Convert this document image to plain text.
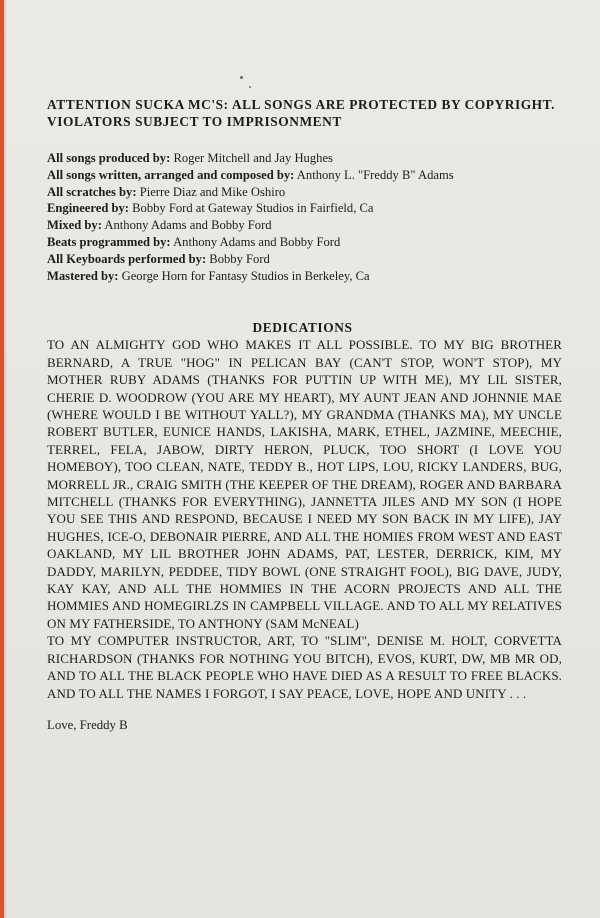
ATTENTION SUCKA MC'S: ALL SONGS ARE PROTECTED BY COPYRIGHT. VIOLATORS SUBJECT TO IMPRISONMENT

All songs produced by: Roger Mitchell and Jay Hughes
All songs written, arranged and composed by: Anthony L. "Freddy B" Adams
All scratches by: Pierre Diaz and Mike Oshiro
Engineered by: Bobby Ford at Gateway Studios in Fairfield, Ca
Mixed by: Anthony Adams and Bobby Ford
Beats programmed by: Anthony Adams and Bobby Ford
All Keyboards performed by: Bobby Ford
Mastered by: George Horn for Fantasy Studios in Berkeley, Ca
DEDICATIONS

TO AN ALMIGHTY GOD WHO MAKES IT ALL POSSIBLE. TO MY BIG BROTHER BERNARD, A TRUE "HOG" IN PELICAN BAY (CAN'T STOP, WON'T STOP), MY MOTHER RUBY ADAMS (THANKS FOR PUTTIN UP WITH ME), MY LIL SISTER, CHERIE D. WOODROW (YOU ARE MY HEART), MY AUNT JEAN AND JOHNNIE MAE (WHERE WOULD I BE WITHOUT YALL?), MY GRANDMA (THANKS MA), MY UNCLE ROBERT BUTLER, EUNICE HANDS, LAKISHA, MARK, ETHEL, JAZMINE, MEECHIE, TERREL, FELA, JABOW, DIRTY HERON, PLUCK, TOO SHORT (I LOVE YOU HOMEBOY), TOO CLEAN, NATE, TEDDY B., HOT LIPS, LOU, RICKY LANDERS, BUG, MORRELL JR., CRAIG SMITH (THE KEEPER OF THE DREAM), ROGER AND BARBARA MITCHELL (THANKS FOR EVERYTHING), JANNETTA JILES AND MY SON (I HOPE YOU SEE THIS AND RESPOND, BECAUSE I NEED MY SON BACK IN MY LIFE), JAY HUGHES, ICE-O, DEBONAIR PIERRE, AND ALL THE HOMIES FROM WEST AND EAST OAKLAND, MY LIL BROTHER JOHN ADAMS, PAT, LESTER, DERRICK, KIM, MY DADDY, MARILYN, PEDDEE, TIDY BOWL (ONE STRAIGHT FOOL), BIG DAVE, JUDY, KAY KAY, AND ALL THE HOMMIES IN THE ACORN PROJECTS AND ALL THE HOMMIES AND HOMEGIRLZS IN CAMPBELL VILLAGE. AND TO ALL MY RELATIVES ON MY FATHERSIDE, TO ANTHONY (SAM McNEAL)

TO MY COMPUTER INSTRUCTOR, ART, TO "SLIM", DENISE M. HOLT, CORVETTA RICHARDSON (THANKS FOR NOTHING YOU BITCH), EVOS, KURT, DW, MB MR OD, AND TO ALL THE BLACK PEOPLE WHO HAVE DIED AS A RESULT TO FREE BLACKS. AND TO ALL THE NAMES I FORGOT, I SAY PEACE, LOVE, HOPE AND UNITY . . .

Love, Freddy B
